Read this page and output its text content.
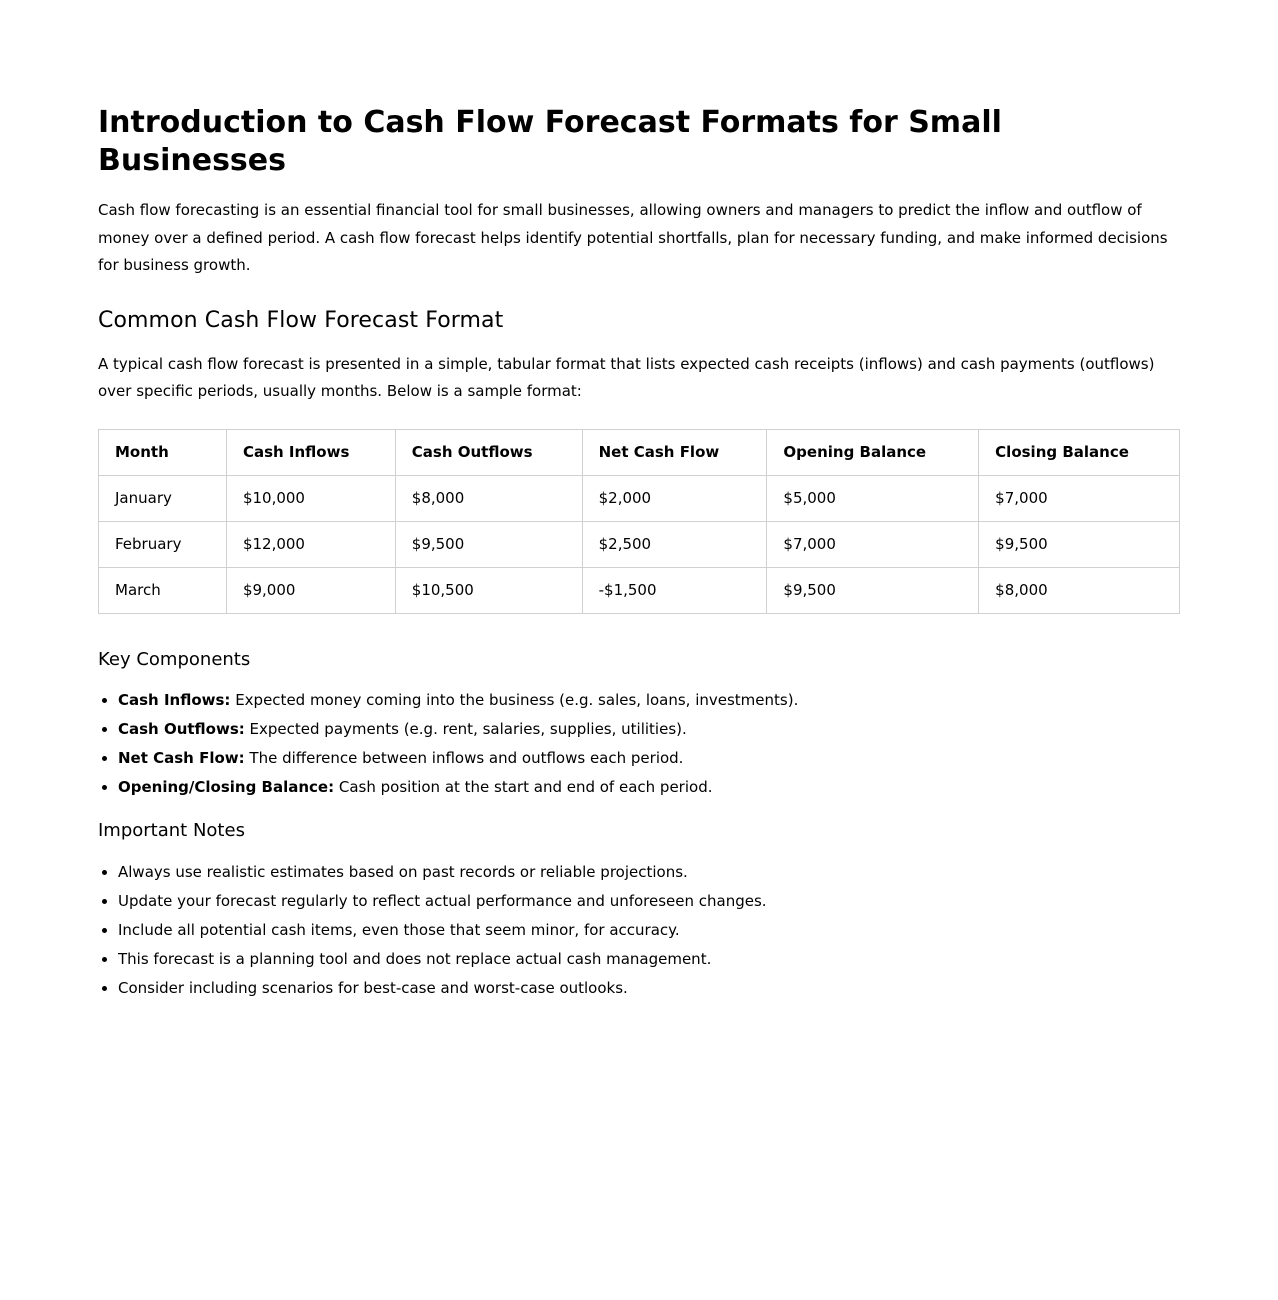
Introduction to Cash Flow Forecast Formats for Small Businesses

Cash flow forecasting is an essential financial tool for small businesses, allowing owners and managers to predict the inflow and outflow of money over a defined period. A cash flow forecast helps identify potential shortfalls, plan for necessary funding, and make informed decisions for business growth.

Common Cash Flow Forecast Format

A typical cash flow forecast is presented in a simple, tabular format that lists expected cash receipts (inflows) and cash payments (outflows) over specific periods, usually months. Below is a sample format:

Month	Cash Inflows	Cash Outflows	Net Cash Flow	Opening Balance	Closing Balance
January	$10,000	$8,000	$2,000	$5,000	$7,000
February	$12,000	$9,500	$2,500	$7,000	$9,500
March	$9,000	$10,500	-$1,500	$9,500	$8,000
Key Components
• Cash Inflows: Expected money coming into the business (e.g. sales, loans, investments).
• Cash Outflows: Expected payments (e.g. rent, salaries, supplies, utilities).
• Net Cash Flow: The difference between inflows and outflows each period.
• Opening/Closing Balance: Cash position at the start and end of each period.
Important Notes
• Always use realistic estimates based on past records or reliable projections.
• Update your forecast regularly to reflect actual performance and unforeseen changes.
• Include all potential cash items, even those that seem minor, for accuracy.
• This forecast is a planning tool and does not replace actual cash management.
• Consider including scenarios for best-case and worst-case outlooks.
